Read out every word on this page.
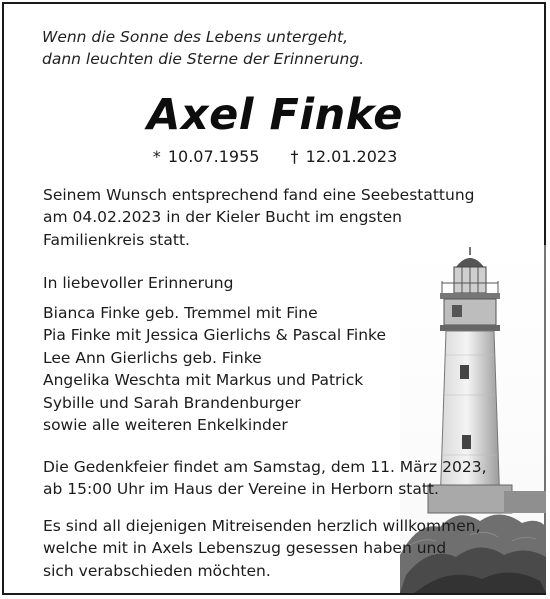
Wenn die Sonne des Lebens untergeht,
dann leuchten die Sterne der Erinnerung.
Axel Finke
* 10.07.1955 † 12.01.2023
Seinem Wunsch entsprechend fand eine Seebestattung
am 04.02.2023 in der Kieler Bucht im engsten
Familienkreis statt.
In liebevoller Erinnerung
Bianca Finke geb. Tremmel mit Fine
Pia Finke mit Jessica Gierlichs & Pascal Finke
Lee Ann Gierlichs geb. Finke
Angelika Weschta mit Markus und Patrick
Sybille und Sarah Brandenburger
sowie alle weiteren Enkelkinder
Die Gedenkfeier findet am Samstag, dem 11. März 2023,
ab 15:00 Uhr im Haus der Vereine in Herborn statt.
Es sind all diejenigen Mitreisenden herzlich willkommen,
welche mit in Axels Lebenszug gesessen haben und
sich verabschieden möchten.
